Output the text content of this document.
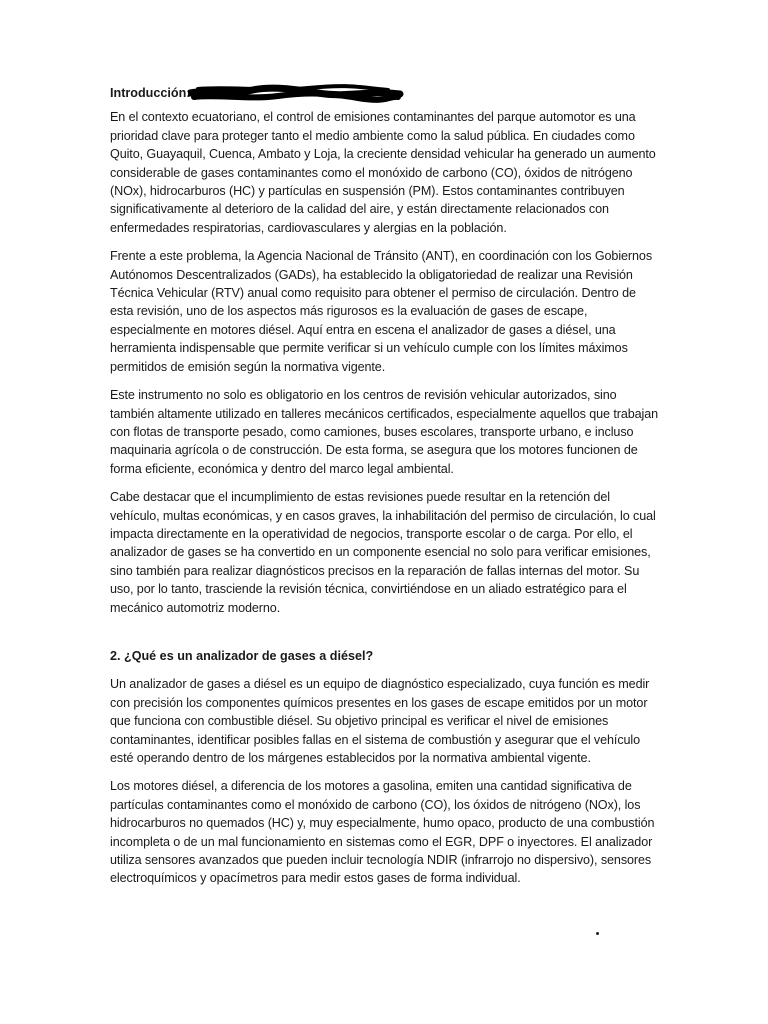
Introducción:

En el contexto ecuatoriano, el control de emisiones contaminantes del parque automotor es una prioridad clave para proteger tanto el medio ambiente como la salud pública. En ciudades como Quito, Guayaquil, Cuenca, Ambato y Loja, la creciente densidad vehicular ha generado un aumento considerable de gases contaminantes como el monóxido de carbono (CO), óxidos de nitrógeno (NOx), hidrocarburos (HC) y partículas en suspensión (PM). Estos contaminantes contribuyen significativamente al deterioro de la calidad del aire, y están directamente relacionados con enfermedades respiratorias, cardiovasculares y alergias en la población.

Frente a este problema, la Agencia Nacional de Tránsito (ANT), en coordinación con los Gobiernos Autónomos Descentralizados (GADs), ha establecido la obligatoriedad de realizar una Revisión Técnica Vehicular (RTV) anual como requisito para obtener el permiso de circulación. Dentro de esta revisión, uno de los aspectos más rigurosos es la evaluación de gases de escape, especialmente en motores diésel. Aquí entra en escena el analizador de gases a diésel, una herramienta indispensable que permite verificar si un vehículo cumple con los límites máximos permitidos de emisión según la normativa vigente.

Este instrumento no solo es obligatorio en los centros de revisión vehicular autorizados, sino también altamente utilizado en talleres mecánicos certificados, especialmente aquellos que trabajan con flotas de transporte pesado, como camiones, buses escolares, transporte urbano, e incluso maquinaria agrícola o de construcción. De esta forma, se asegura que los motores funcionen de forma eficiente, económica y dentro del marco legal ambiental.

Cabe destacar que el incumplimiento de estas revisiones puede resultar en la retención del vehículo, multas económicas, y en casos graves, la inhabilitación del permiso de circulación, lo cual impacta directamente en la operatividad de negocios, transporte escolar o de carga. Por ello, el analizador de gases se ha convertido en un componente esencial no solo para verificar emisiones, sino también para realizar diagnósticos precisos en la reparación de fallas internas del motor. Su uso, por lo tanto, trasciende la revisión técnica, convirtiéndose en un aliado estratégico para el mecánico automotriz moderno.

2. ¿Qué es un analizador de gases a diésel?

Un analizador de gases a diésel es un equipo de diagnóstico especializado, cuya función es medir con precisión los componentes químicos presentes en los gases de escape emitidos por un motor que funciona con combustible diésel. Su objetivo principal es verificar el nivel de emisiones contaminantes, identificar posibles fallas en el sistema de combustión y asegurar que el vehículo esté operando dentro de los márgenes establecidos por la normativa ambiental vigente.

Los motores diésel, a diferencia de los motores a gasolina, emiten una cantidad significativa de partículas contaminantes como el monóxido de carbono (CO), los óxidos de nitrógeno (NOx), los hidrocarburos no quemados (HC) y, muy especialmente, humo opaco, producto de una combustión incompleta o de un mal funcionamiento en sistemas como el EGR, DPF o inyectores. El analizador utiliza sensores avanzados que pueden incluir tecnología NDIR (infrarrojo no dispersivo), sensores electroquímicos y opacímetros para medir estos gases de forma individual.
